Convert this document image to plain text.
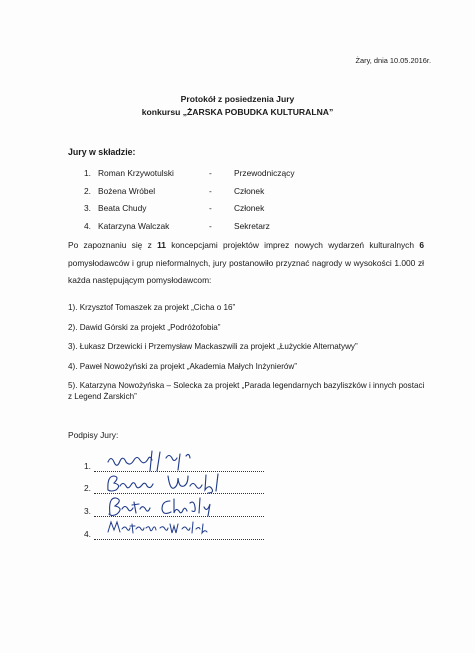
Żary, dnia 10.05.2016r.
Protokół z posiedzenia Jury
konkursu „ŻARSKA POBUDKA KULTURALNA”
Jury w składzie:
1. Roman Krzywotulski	-	Przewodniczący
2. Bożena Wróbel	-	Członek
3. Beata Chudy	-	Członek
4. Katarzyna Walczak	-	Sekretarz
Po zapoznaniu się z 11 koncepcjami projektów imprez nowych wydarzeń kulturalnych 6 pomysłodawców i grup nieformalnych, jury postanowiło przyznać nagrody w wysokości 1.000 zł każda następującym pomysłodawcom:
1). Krzysztof Tomaszek za projekt „Cicha o 16”
2). Dawid Górski za projekt „Podróżofobia”
3). Łukasz Drzewicki i Przemysław Mackaszwili za projekt „Łużyckie Alternatywy”
4). Paweł Nowożyński za projekt „Akademia Małych Inżynierów”
5). Katarzyna Nowożyńska – Solecka za projekt „Parada legendarnych bazyliszków i innych postaci z Legend Żarskich”
Podpisy Jury:
1.
2.
3.
4.
